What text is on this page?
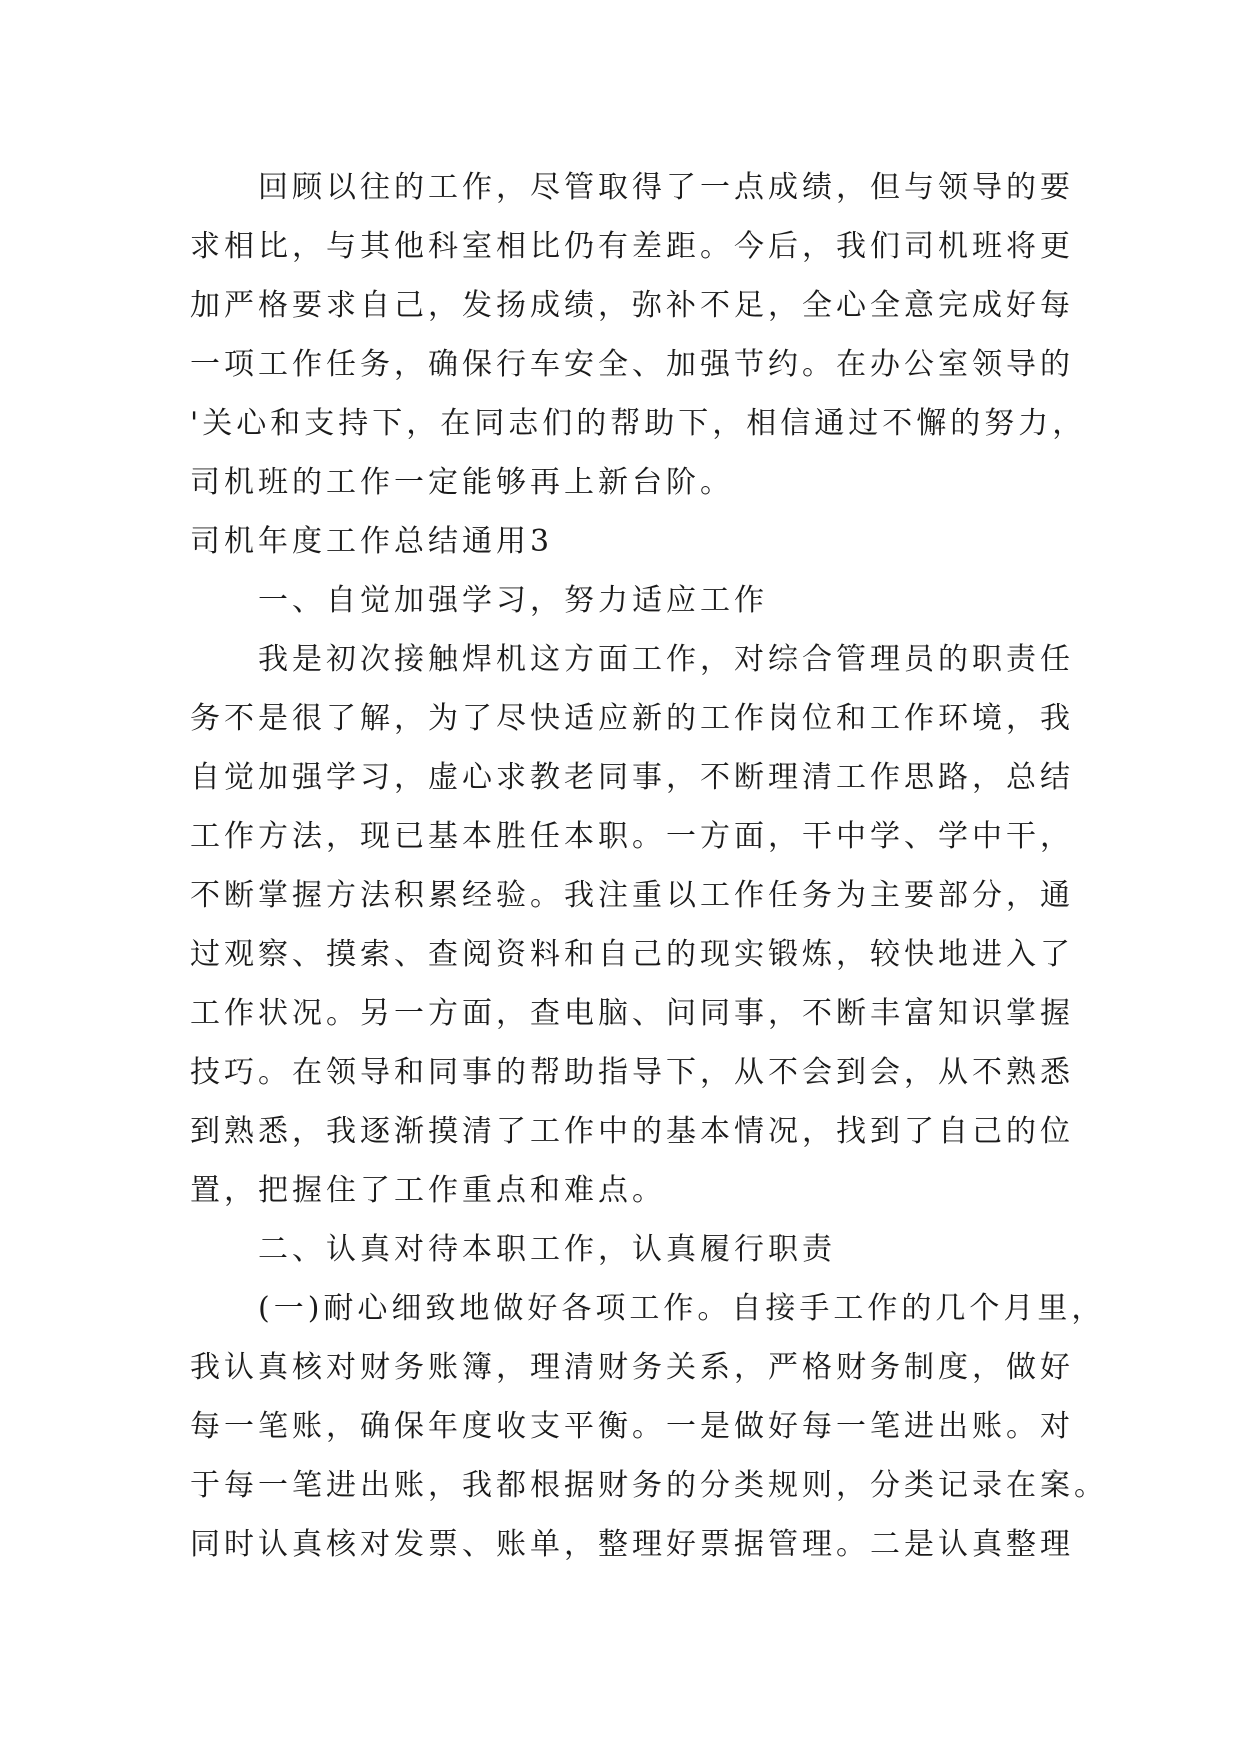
　　回顾以往的工作，尽管取得了一点成绩，但与领导的要
求相比，与其他科室相比仍有差距。今后，我们司机班将更
加严格要求自己，发扬成绩，弥补不足，全心全意完成好每
一项工作任务，确保行车安全、加强节约。在办公室领导的
'关心和支持下，在同志们的帮助下，相信通过不懈的努力，
司机班的工作一定能够再上新台阶。
司机年度工作总结通用3
　　一、自觉加强学习，努力适应工作
　　我是初次接触焊机这方面工作，对综合管理员的职责任
务不是很了解，为了尽快适应新的工作岗位和工作环境，我
自觉加强学习，虚心求教老同事，不断理清工作思路，总结
工作方法，现已基本胜任本职。一方面，干中学、学中干，
不断掌握方法积累经验。我注重以工作任务为主要部分，通
过观察、摸索、查阅资料和自己的现实锻炼，较快地进入了
工作状况。另一方面，查电脑、问同事，不断丰富知识掌握
技巧。在领导和同事的帮助指导下，从不会到会，从不熟悉
到熟悉，我逐渐摸清了工作中的基本情况，找到了自己的位
置，把握住了工作重点和难点。
　　二、认真对待本职工作，认真履行职责
　　(一)耐心细致地做好各项工作。自接手工作的几个月里，
我认真核对财务账簿，理清财务关系，严格财务制度，做好
每一笔账，确保年度收支平衡。一是做好每一笔进出账。对
于每一笔进出账，我都根据财务的分类规则，分类记录在案。
同时认真核对发票、账单，整理好票据管理。二是认真整理
